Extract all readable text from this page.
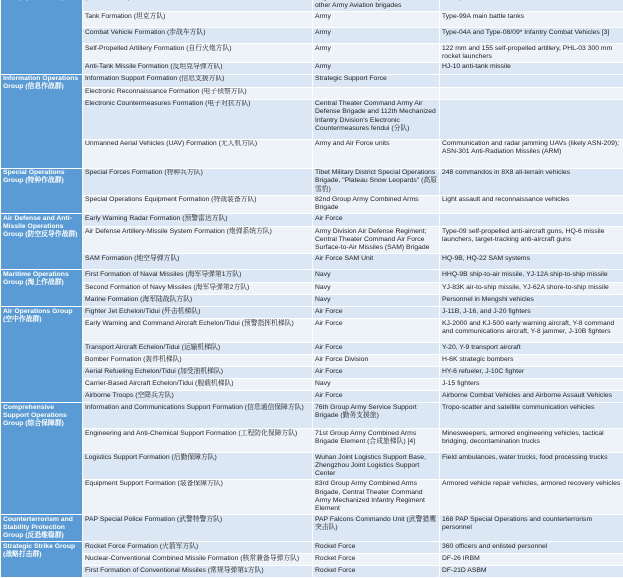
		other Army Aviation brigades	
	Tank Formation (坦克方队)	Army	Type-99A main battle tanks
	Combat Vehicle Formation (步战车方队)	Army	Type-04A and Type-08/09* Infantry Combat Vehicles [3]
	Self-Propelled Artillery Formation (自行火炮方队)	Army	122 mm and 155 self-propelled artillery, PHL-03 300 mm rocket launchers
	Anti-Tank Missile Formation (反坦克导弹方队)	Army	HJ-10 anti-tank missile
Information Operations Group (信息作战群)	Information Support Formation (信息支援方队)	Strategic Support Force	
	Electronic Reconnaissance Formation (电子侦察方队)		
	Electronic Countermeasures Formation (电子对抗方队)	Central Theater Command Army Air Defense Brigade and 112th Mechanized Infantry Division's Electronic Countermeasures fendui (分队)	
	Unmanned Aerial Vehicles (UAV) Formation (无人机方队)	Army and Air Force units	Communication and radar jamming UAVs (likely ASN-209); ASN-301 Anti-Radiation Missiles (ARM)
Special Operations Group (特种作战群)	Special Forces Formation (特种兵方队)	Tibet Military District Special Operations Brigade, "Plateau Snow Leopards" (高原雪豹)	248 commandos in 8X8 all-terrain vehicles
	Special Operations Equipment Formation (特战装备方队)	82nd Group Army Combined Arms Brigade	Light assault and reconnaissance vehicles
Air Defense and Anti-Missile Operations Group (防空反导作战群)	Early Warning Radar Formation (预警雷达方队)	Air Force	
	Air Defense Artillery-Missile System Formation (炮弹系统方队)	Army Division Air Defense Regiment; Central Theater Command Air Force Surface-to-Air Missiles (SAM) Brigade	Type-09 self-propelled anti-aircraft guns, HQ-6 missile launchers, target-tracking anti-aircraft guns
	SAM Formation (地空导弹方队)	Air Force SAM Unit	HQ-9B, HQ-22 SAM systems
Maritime Operations Group (海上作战群)	First Formation of Naval Missiles (海军导弹第1方队)	Navy	HHQ-9B ship-to-air missile, YJ-12A ship-to-ship missile
	Second Formation of Navy Missiles (海军导弹第2方队)	Navy	YJ-83K air-to-ship missile, YJ-62A shore-to-ship missile
	Marine Formation (海军陆战队方队)	Navy	Personnel in Mengshi vehicles
Air Operations Group (空中作战群)	Fighter Jet Echelon/Tidui (歼击机梯队)	Air Force	J-11B, J-16, and J-20 fighters
	Early Warning and Command Aircraft Echelon/Tidui (预警指挥机梯队)	Air Force	KJ-2000 and KJ-500 early warning aircraft, Y-8 command and communications aircraft, Y-8 jammer, J-10B fighters
	Transport Aircraft Echelon/Tidui (运输机梯队)	Air Force	Y-20, Y-9 transport aircraft
	Bomber Formation (轰炸机梯队)	Air Force Division	H-6K strategic bombers
	Aerial Refueling Echelon/Tidui (加受油机梯队)	Air Force	HY-6 refueler, J-10C fighter
	Carrier-Based Aircraft Echelon/Tidui (舰载机梯队)	Navy	J-15 fighters
	Airborne Troops (空降兵方队)	Air Force	Airborne Combat Vehicles and Airborne Assault Vehicles
Comprehensive Support Operations Group (综合保障群)	Information and Communications Support Formation (信息通信保障方队)	76th Group Army Service Support Brigade (勤务支援旅)	Tropo-scatter and satellite communication vehicles
	Engineering and Anti-Chemical Support Formation (工程防化保障方队)	71st Group Army Combined Arms Brigade Element (合成旅梯队) [4]	Minesweepers, armored engineering vehicles, tactical bridging, decontamination trucks
	Logistics Support Formation (后勤保障方队)	Wuhan Joint Logistics Support Base, Zhengzhou Joint Logistics Support Center	Field ambulances, water trucks, food processing trucks
	Equipment Support Formation (装备保障方队)	83rd Group Army Combined Arms Brigade, Central Theater Command Army Mechanized Infantry Regiment Element	Armored vehicle repair vehicles, armored recovery vehicles
Counterterrorism and Stability Protection Group (反恐维稳群)	PAP Special Police Formation (武警特警方队)	PAP Falcons Commando Unit (武警猎鹰突击队)	168 PAP Special Operations and counterterrorism personnel
Strategic Strike Group (战略打击群)	Rocket Force Formation (火箭军方队)	Rocket Force	360 officers and enlisted personnel
	Nuclear-Conventional Combined Missile Formation (核常兼备导弹方队)	Rocket Force	DF-26 IRBM
	First Formation of Conventional Missiles (常规导弹第1方队)	Rocket Force	DF-21D ASBM
